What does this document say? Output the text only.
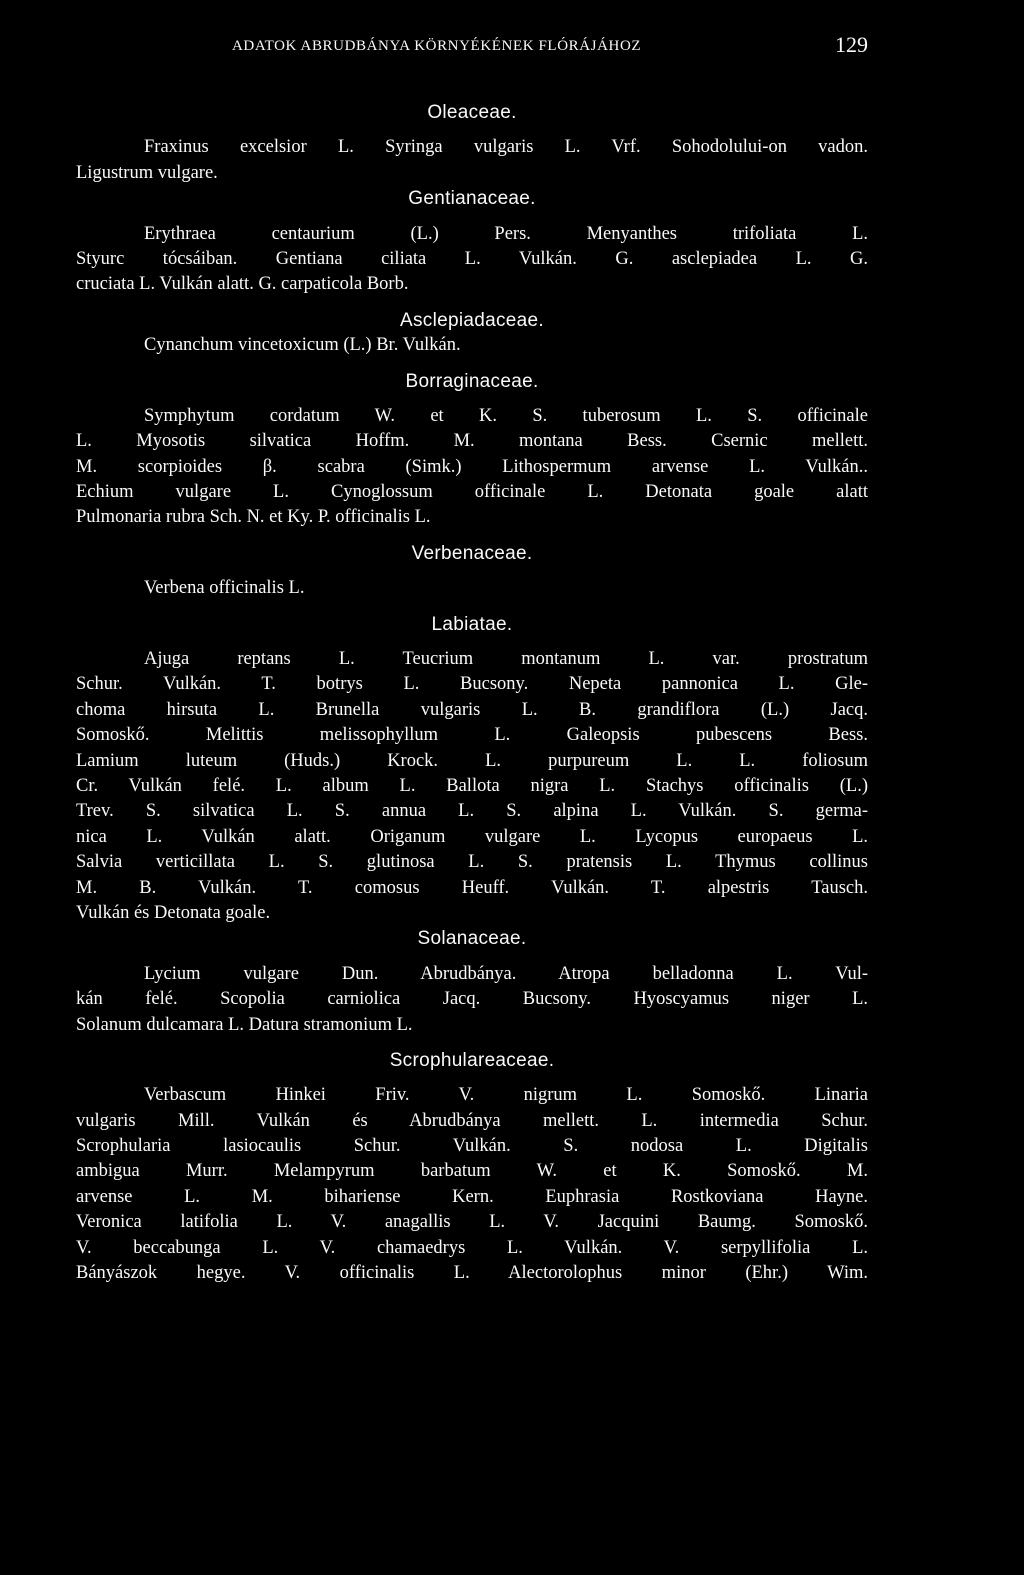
ADATOK ABRUDBÁNYA KÖRNYÉKÉNEK FLÓRÁJÁHOZ	129
Oleaceae.
Fraxinus excelsior L. Syringa vulgaris L. Vrf. Sohodolului-on vadon.
Ligustrum vulgare.
Gentianaceae.
Erythraea centaurium (L.) Pers. Menyanthes trifoliata L.
Styurc tócsáiban. Gentiana ciliata L. Vulkán. G. asclepiadea L. G.
cruciata L. Vulkán alatt. G. carpaticola Borb.
Asclepiadaceae.
Cynanchum vincetoxicum (L.) Br. Vulkán.
Borraginaceae.
Symphytum cordatum W. et K. S. tuberosum L. S. officinale
L. Myosotis silvatica Hoffm. M. montana Bess. Csernic mellett.
M. scorpioides β. scabra (Simk.) Lithospermum arvense L. Vulkán..
Echium vulgare L. Cynoglossum officinale L. Detonata goale alatt
Pulmonaria rubra Sch. N. et Ky. P. officinalis L.
Verbenaceae.
Verbena officinalis L.
Labiatae.
Ajuga reptans L. Teucrium montanum L. var. prostratum
Schur. Vulkán. T. botrys L. Bucsony. Nepeta pannonica L. Gle-
choma hirsuta L. Brunella vulgaris L. B. grandiflora (L.) Jacq.
Somoskő. Melittis melissophyllum L. Galeopsis pubescens Bess.
Lamium luteum (Huds.) Krock. L. purpureum L. L. foliosum
Cr. Vulkán felé. L. album L. Ballota nigra L. Stachys officinalis (L.)
Trev. S. silvatica L. S. annua L. S. alpina L. Vulkán. S. germa-
nica L. Vulkán alatt. Origanum vulgare L. Lycopus europaeus L.
Salvia verticillata L. S. glutinosa L. S. pratensis L. Thymus collinus
M. B. Vulkán. T. comosus Heuff. Vulkán. T. alpestris Tausch.
Vulkán és Detonata goale.
Solanaceae.
Lycium vulgare Dun. Abrudbánya. Atropa belladonna L. Vul-
kán felé. Scopolia carniolica Jacq. Bucsony. Hyoscyamus niger L.
Solanum dulcamara L. Datura stramonium L.
Scrophulareaceae.
Verbascum Hinkei Friv. V. nigrum L. Somoskő. Linaria
vulgaris Mill. Vulkán és Abrudbánya mellett. L. intermedia Schur.
Scrophularia lasiocaulis Schur. Vulkán. S. nodosa L. Digitalis
ambigua Murr. Melampyrum barbatum W. et K. Somoskő. M.
arvense L. M. bihariense Kern. Euphrasia Rostkoviana Hayne.
Veronica latifolia L. V. anagallis L. V. Jacquini Baumg. Somoskő.
V. beccabunga L. V. chamaedrys L. Vulkán. V. serpyllifolia L.
Bányászok hegye. V. officinalis L. Alectorolophus minor (Ehr.) Wim.
